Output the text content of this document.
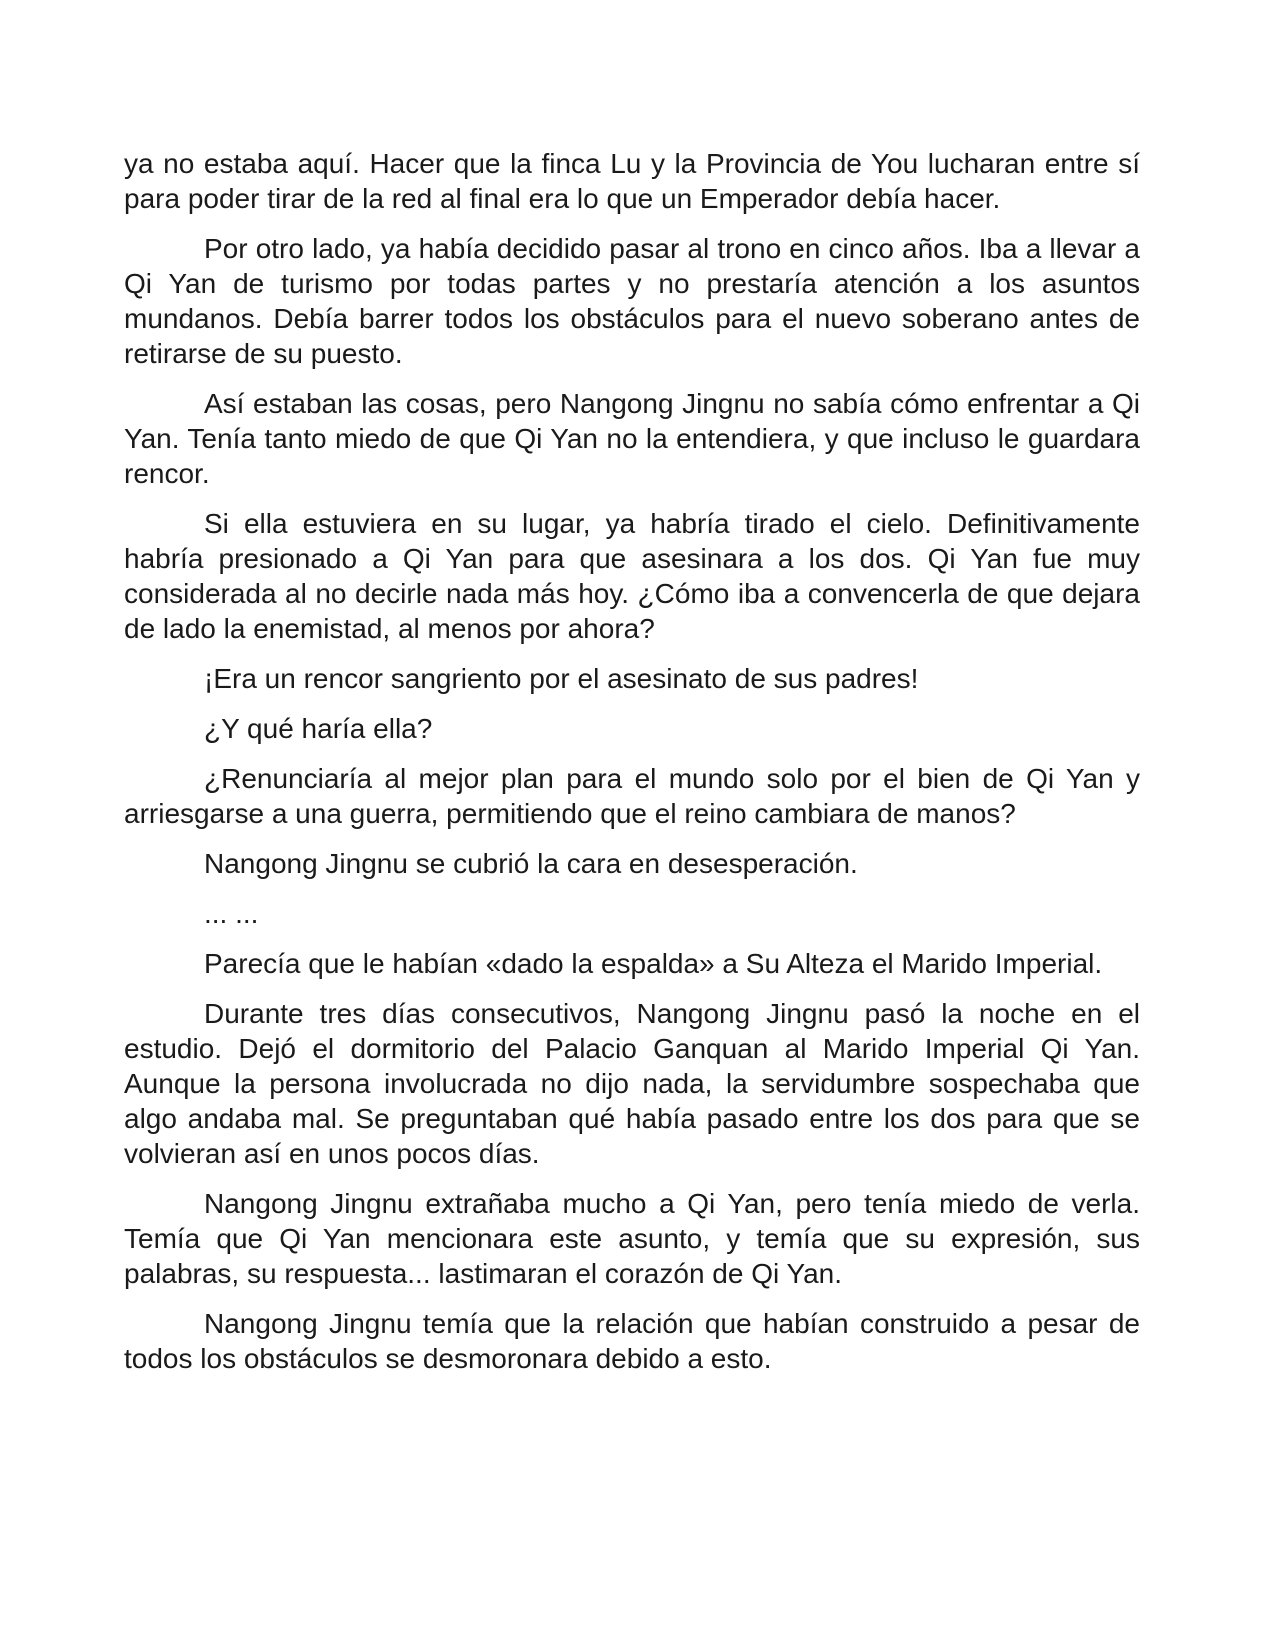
ya no estaba aquí. Hacer que la finca Lu y la Provincia de You lucharan entre sí para poder tirar de la red al final era lo que un Emperador debía hacer.

Por otro lado, ya había decidido pasar al trono en cinco años. Iba a llevar a Qi Yan de turismo por todas partes y no prestaría atención a los asuntos mundanos. Debía barrer todos los obstáculos para el nuevo soberano antes de retirarse de su puesto.

Así estaban las cosas, pero Nangong Jingnu no sabía cómo enfrentar a Qi Yan. Tenía tanto miedo de que Qi Yan no la entendiera, y que incluso le guardara rencor.

Si ella estuviera en su lugar, ya habría tirado el cielo. Definitivamente habría presionado a Qi Yan para que asesinara a los dos. Qi Yan fue muy considerada al no decirle nada más hoy. ¿Cómo iba a convencerla de que dejara de lado la enemistad, al menos por ahora?

¡Era un rencor sangriento por el asesinato de sus padres!

¿Y qué haría ella?

¿Renunciaría al mejor plan para el mundo solo por el bien de Qi Yan y arriesgarse a una guerra, permitiendo que el reino cambiara de manos?

Nangong Jingnu se cubrió la cara en desesperación.

... ...

Parecía que le habían «dado la espalda» a Su Alteza el Marido Imperial.

Durante tres días consecutivos, Nangong Jingnu pasó la noche en el estudio. Dejó el dormitorio del Palacio Ganquan al Marido Imperial Qi Yan. Aunque la persona involucrada no dijo nada, la servidumbre sospechaba que algo andaba mal. Se preguntaban qué había pasado entre los dos para que se volvieran así en unos pocos días.

Nangong Jingnu extrañaba mucho a Qi Yan, pero tenía miedo de verla. Temía que Qi Yan mencionara este asunto, y temía que su expresión, sus palabras, su respuesta... lastimaran el corazón de Qi Yan.

Nangong Jingnu temía que la relación que habían construido a pesar de todos los obstáculos se desmoronara debido a esto.
